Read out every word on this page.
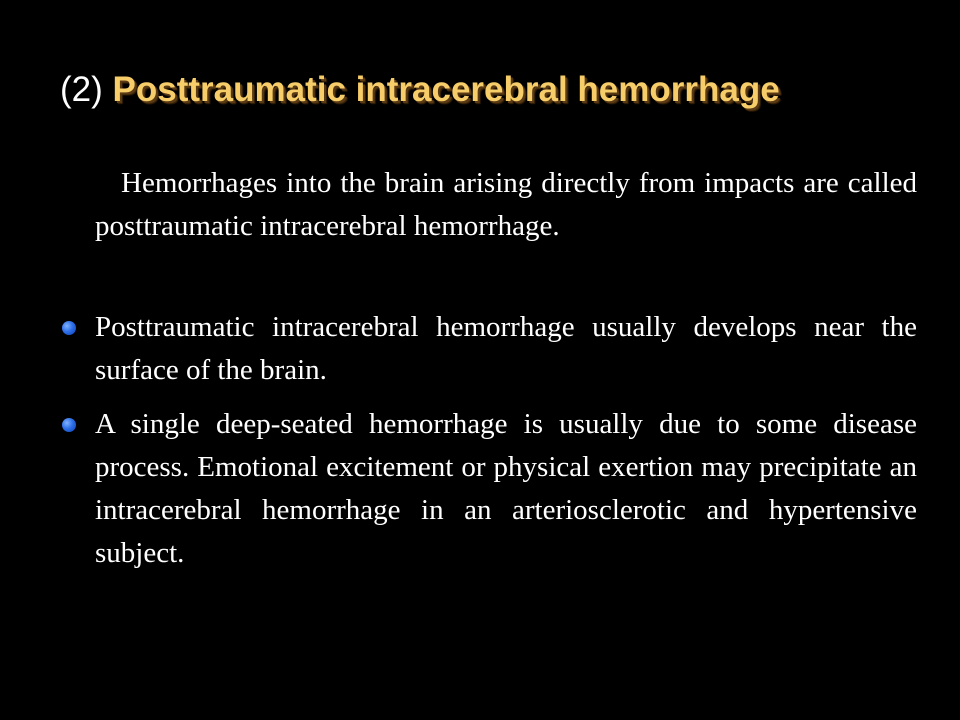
(2) Posttraumatic intracerebral hemorrhage
Hemorrhages into the brain arising directly from impacts are called posttraumatic intracerebral hemorrhage.
Posttraumatic intracerebral hemorrhage usually develops near the surface of the brain.
A single deep-seated hemorrhage is usually due to some disease process. Emotional excitement or physical exertion may precipitate an intracerebral hemorrhage in an arteriosclerotic and hypertensive subject.
